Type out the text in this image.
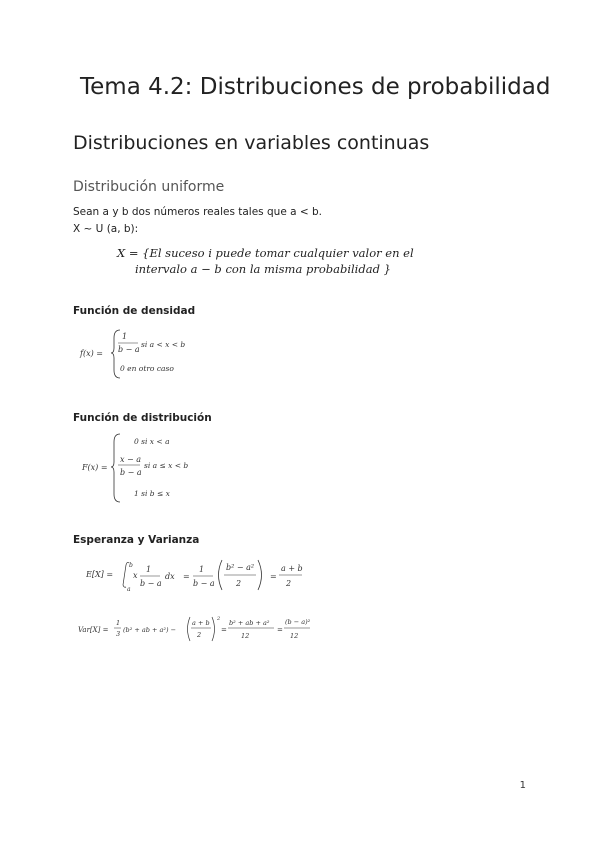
Tema 4.2: Distribuciones de probabilidad
Distribuciones en variables continuas
Distribución uniforme
Sean a y b dos números reales tales que a < b.
X ~ U (a, b):
X = {El suceso i puede tomar cualquier valor en el
intervalo a − b con la misma probabilidad }
Función de densidad
f(x) =
1
b − a
si a < x < b
0 en otro caso
Función de distribución
F(x) =
0 si x < a
x − a
b − a
si a ≤ x < b
1 si b ≤ x
Esperanza y Varianza
E[X] =
b
a
x
1
b − a
dx =
1
b − a
b² − a²
2
=
a + b
2
Var[X] =
1
3 (b² + ab + a²) −
a + b
2
2
=
b² + ab + a²
12
=
(b − a)²
12
1
